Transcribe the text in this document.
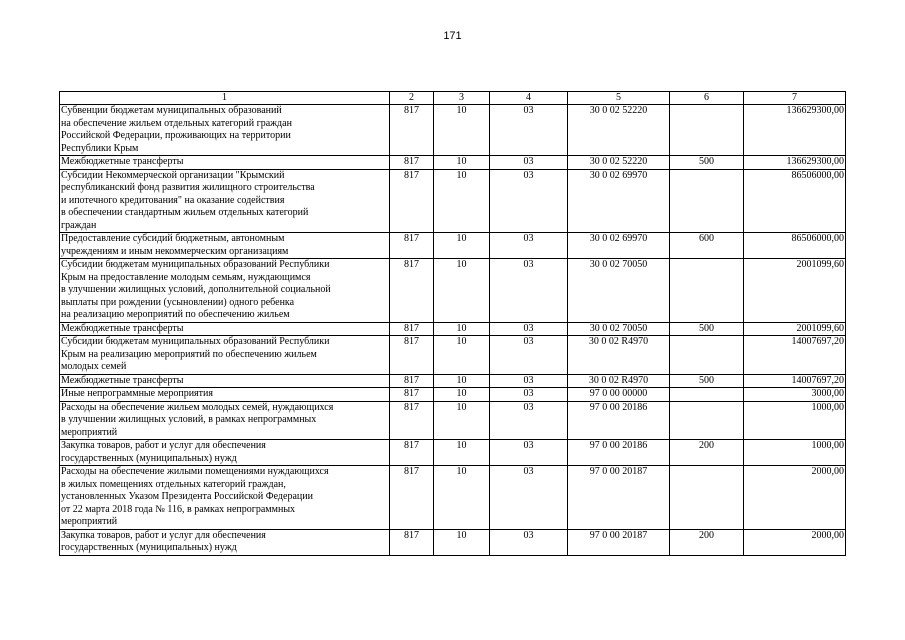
171
1	2	3	4	5	6	7

Субвенции бюджетам муниципальных образований
на обеспечение жильем отдельных категорий граждан
Российской Федерации, проживающих на территории
Республики Крым	817	10	03	30 0 02 52220		136629300,00

Межбюджетные трансферты	817	10	03	30 0 02 52220	500	136629300,00

Субсидии Некоммерческой организации "Крымский
республиканский фонд развития жилищного строительства
и ипотечного кредитования" на оказание содействия
в обеспечении стандартным жильем отдельных категорий
граждан	817	10	03	30 0 02 69970		86506000,00

Предоставление субсидий бюджетным, автономным
учреждениям и иным некоммерческим организациям	817	10	03	30 0 02 69970	600	86506000,00

Субсидии бюджетам муниципальных образований Республики
Крым на предоставление молодым семьям, нуждающимся
в улучшении жилищных условий, дополнительной социальной
выплаты при рождении (усыновлении) одного ребенка
на реализацию мероприятий по обеспечению жильем	817	10	03	30 0 02 70050		2001099,60

Межбюджетные трансферты	817	10	03	30 0 02 70050	500	2001099,60

Субсидии бюджетам муниципальных образований Республики
Крым на реализацию мероприятий по обеспечению жильем
молодых семей	817	10	03	30 0 02 R4970		14007697,20

Межбюджетные трансферты	817	10	03	30 0 02 R4970	500	14007697,20

Иные непрограммные мероприятия	817	10	03	97 0 00 00000		3000,00

Расходы на обеспечение жильем молодых семей, нуждающихся
в улучшении жилищных условий, в рамках непрограммных
мероприятий	817	10	03	97 0 00 20186		1000,00

Закупка товаров, работ и услуг для обеспечения
государственных (муниципальных) нужд	817	10	03	97 0 00 20186	200	1000,00

Расходы на обеспечение жилыми помещениями нуждающихся
в жилых помещениях отдельных категорий граждан,
установленных Указом Президента Российской Федерации
от 22 марта 2018 года № 116, в рамках непрограммных
мероприятий	817	10	03	97 0 00 20187		2000,00

Закупка товаров, работ и услуг для обеспечения
государственных (муниципальных) нужд	817	10	03	97 0 00 20187	200	2000,00
